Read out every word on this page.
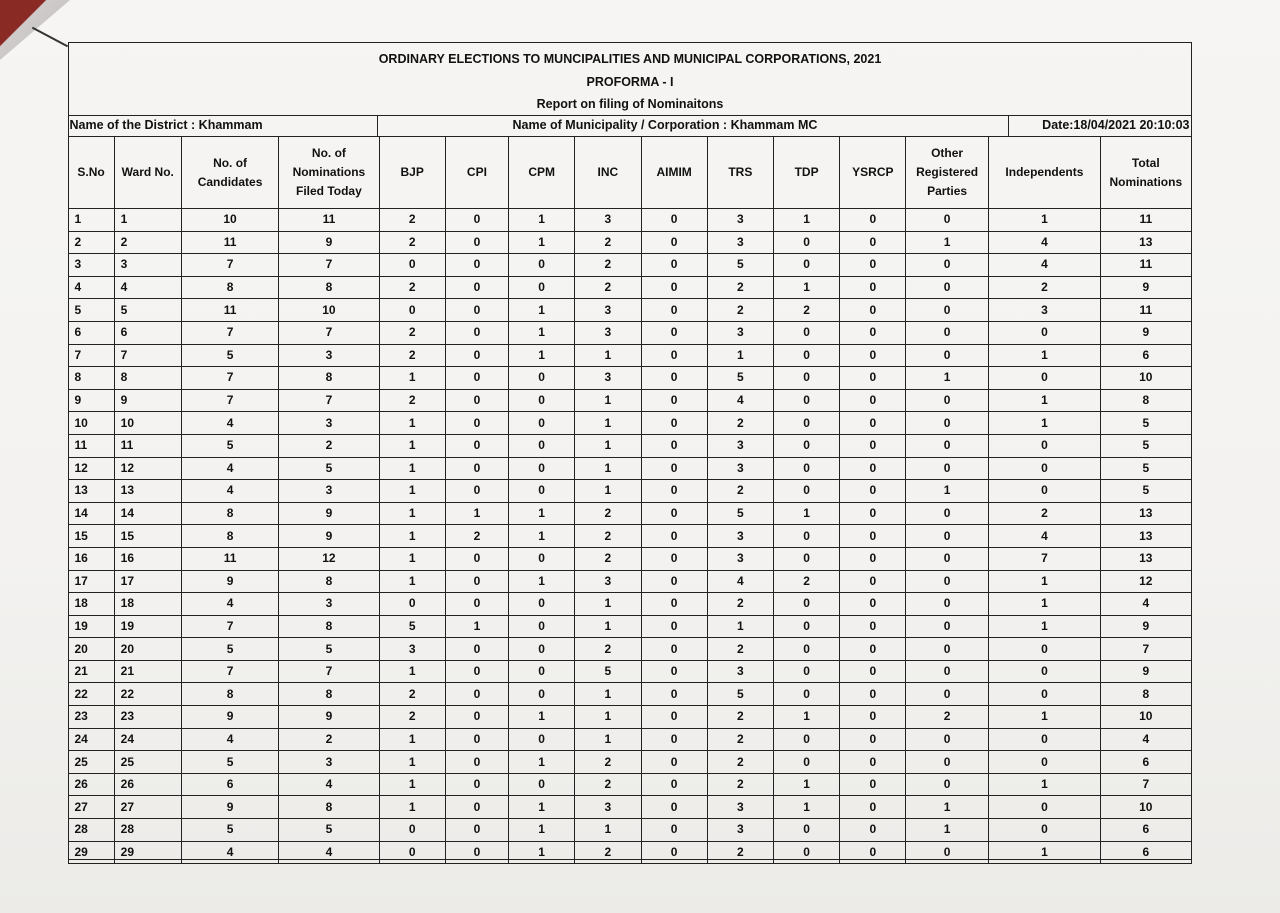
ORDINARY ELECTIONS TO MUNCIPALITIES AND MUNICIPAL CORPORATIONS, 2021
PROFORMA - I
Report on filing of Nominaitons
Name of the District : Khammam	Name of Municipality / Corporation : Khammam MC	Date:18/04/2021 20:10:03
S.No	Ward No.	No. of Candidates	No. of Nominations Filed Today	BJP	CPI	CPM	INC	AIMIM	TRS	TDP	YSRCP	Other Registered Parties	Independents	Total Nominations
1	1	10	11	2	0	1	3	0	3	1	0	0	1	11
2	2	11	9	2	0	1	2	0	3	0	0	1	4	13
3	3	7	7	0	0	0	2	0	5	0	0	0	4	11
4	4	8	8	2	0	0	2	0	2	1	0	0	2	9
5	5	11	10	0	0	1	3	0	2	2	0	0	3	11
6	6	7	7	2	0	1	3	0	3	0	0	0	0	9
7	7	5	3	2	0	1	1	0	1	0	0	0	1	6
8	8	7	8	1	0	0	3	0	5	0	0	1	0	10
9	9	7	7	2	0	0	1	0	4	0	0	0	1	8
10	10	4	3	1	0	0	1	0	2	0	0	0	1	5
11	11	5	2	1	0	0	1	0	3	0	0	0	0	5
12	12	4	5	1	0	0	1	0	3	0	0	0	0	5
13	13	4	3	1	0	0	1	0	2	0	0	1	0	5
14	14	8	9	1	1	1	2	0	5	1	0	0	2	13
15	15	8	9	1	2	1	2	0	3	0	0	0	4	13
16	16	11	12	1	0	0	2	0	3	0	0	0	7	13
17	17	9	8	1	0	1	3	0	4	2	0	0	1	12
18	18	4	3	0	0	0	1	0	2	0	0	0	1	4
19	19	7	8	5	1	0	1	0	1	0	0	0	1	9
20	20	5	5	3	0	0	2	0	2	0	0	0	0	7
21	21	7	7	1	0	0	5	0	3	0	0	0	0	9
22	22	8	8	2	0	0	1	0	5	0	0	0	0	8
23	23	9	9	2	0	1	1	0	2	1	0	2	1	10
24	24	4	2	1	0	0	1	0	2	0	0	0	0	4
25	25	5	3	1	0	1	2	0	2	0	0	0	0	6
26	26	6	4	1	0	0	2	0	2	1	0	0	1	7
27	27	9	8	1	0	1	3	0	3	1	0	1	0	10
28	28	5	5	0	0	1	1	0	3	0	0	1	0	6
29	29	4	4	0	0	1	2	0	2	0	0	0	1	6
